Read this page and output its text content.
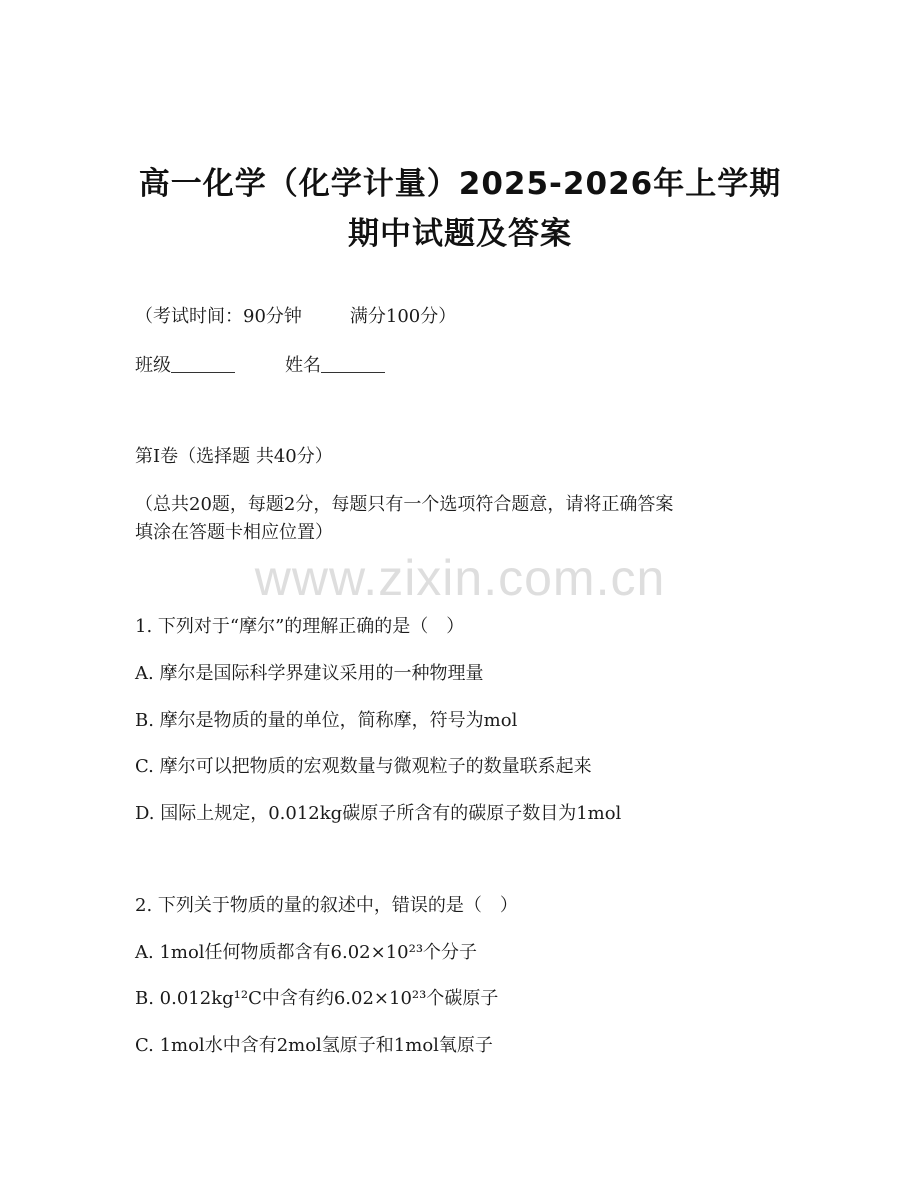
高一化学（化学计量）2025-2026年上学期
期中试题及答案
（考试时间：90分钟	满分100分）
班级	姓名
第Ⅰ卷（选择题 共40分）
（总共20题，每题2分，每题只有一个选项符合题意，请将正确答案
填涂在答题卡相应位置）
www.zixin.com.cn
1. 下列对于“摩尔”的理解正确的是（　）
A. 摩尔是国际科学界建议采用的一种物理量
B. 摩尔是物质的量的单位，简称摩，符号为mol
C. 摩尔可以把物质的宏观数量与微观粒子的数量联系起来
D. 国际上规定，0.012kg碳原子所含有的碳原子数目为1mol
2. 下列关于物质的量的叙述中，错误的是（　）
A. 1mol任何物质都含有6.02×10²³个分子
B. 0.012kg¹²C中含有约6.02×10²³个碳原子
C. 1mol水中含有2mol氢原子和1mol氧原子
